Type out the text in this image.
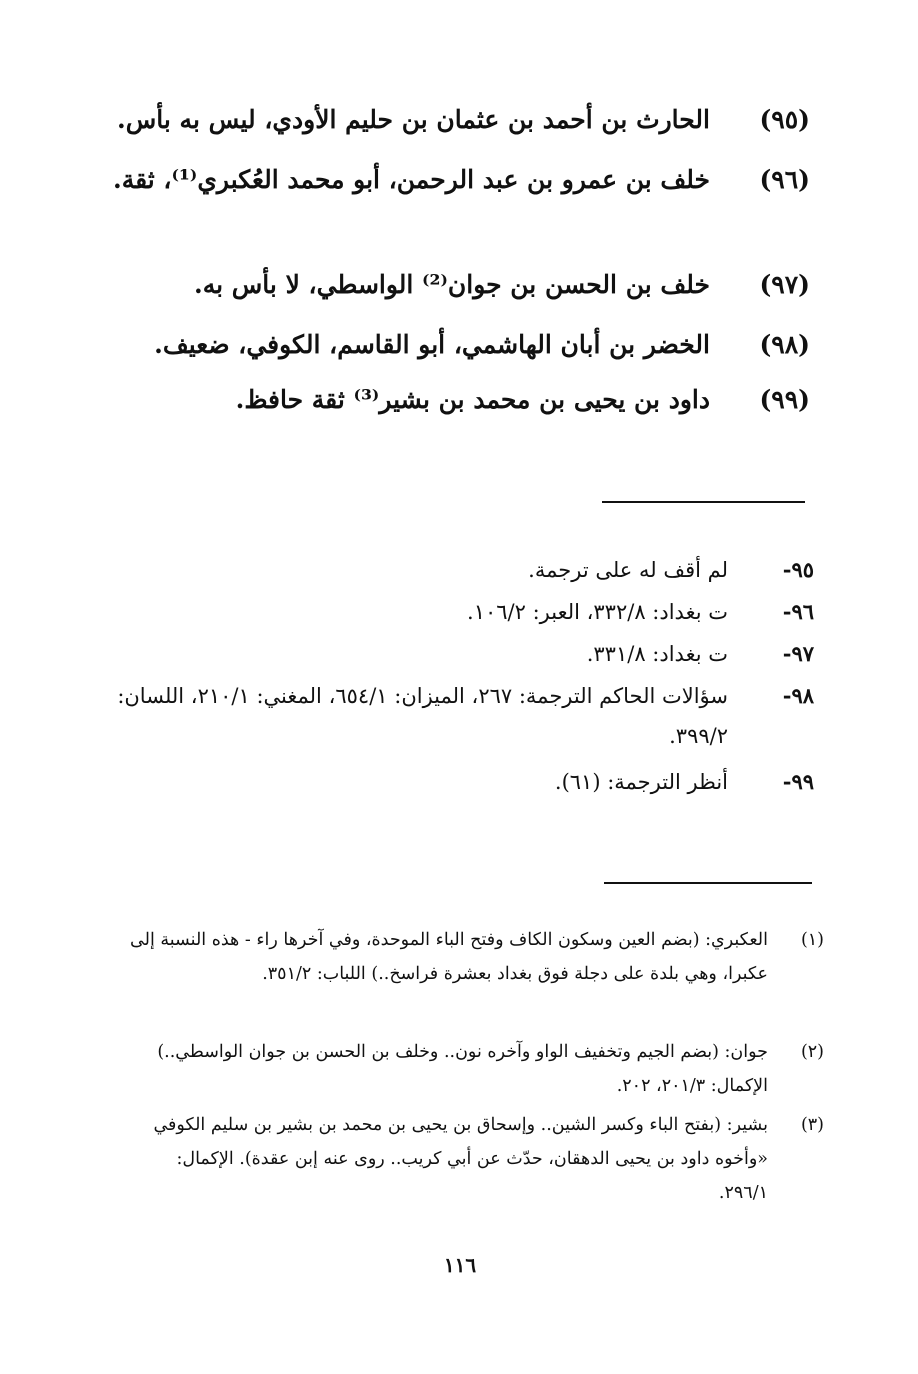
(٩٥)
الحارث بن أحمد بن عثمان بن حليم الأودي، ليس به بأس.
(٩٦)
خلف بن عمرو بن عبد الرحمن، أبو محمد العُكبري⁽¹⁾، ثقة.
(٩٧)
خلف بن الحسن بن جوان⁽²⁾ الواسطي، لا بأس به.
(٩٨)
الخضر بن أبان الهاشمي، أبو القاسم، الكوفي، ضعيف.
(٩٩)
داود بن يحيى بن محمد بن بشير⁽³⁾ ثقة حافظ.
٩٥-
لم أقف له على ترجمة.
٩٦-
ت بغداد: ٣٣٢/٨، العبر: ١٠٦/٢.
٩٧-
ت بغداد: ٣٣١/٨.
٩٨-
سؤالات الحاكم الترجمة: ٢٦٧، الميزان: ٦٥٤/١، المغني: ٢١٠/١، اللسان: ٣٩٩/٢.
٩٩-
أنظر الترجمة: (٦١).
(١)
العكبري: (بضم العين وسكون الكاف وفتح الباء الموحدة، وفي آخرها راء - هذه النسبة إلى عكبرا، وهي بلدة على دجلة فوق بغداد بعشرة فراسخ..) اللباب: ٣٥١/٢.
(٢)
جوان: (بضم الجيم وتخفيف الواو وآخره نون.. وخلف بن الحسن بن جوان الواسطي..) الإكمال: ٢٠١/٣، ٢٠٢.
(٣)
بشير: (بفتح الباء وكسر الشين.. وإسحاق بن يحيى بن محمد بن بشير بن سليم الكوفي «وأخوه داود بن يحيى الدهقان، حدّث عن أبي كريب.. روى عنه إبن عقدة). الإكمال: ٢٩٦/١.
١١٦
